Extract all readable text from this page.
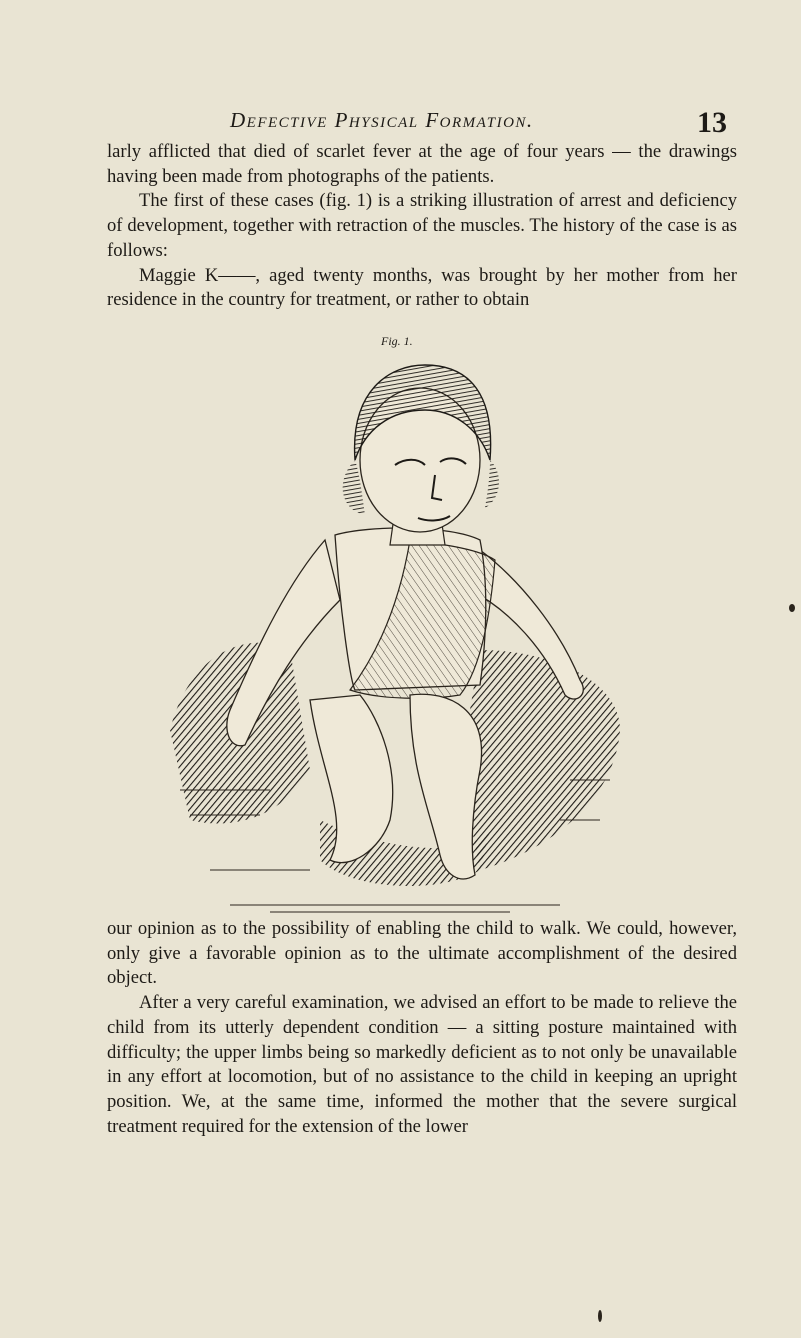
Defective Physical Formation.	13

larly afflicted that died of scarlet fever at the age of four years — the drawings having been made from photographs of the patients.

The first of these cases (fig. 1) is a striking illustration of arrest and deficiency of development, together with retraction of the muscles. The history of the case is as follows:

Maggie K——, aged twenty months, was brought by her mother from her residence in the country for treatment, or rather to obtain

Fig. 1.

our opinion as to the possibility of enabling the child to walk. We could, however, only give a favorable opinion as to the ultimate accomplishment of the desired object.

After a very careful examination, we advised an effort to be made to relieve the child from its utterly dependent condition — a sitting posture maintained with difficulty; the upper limbs being so markedly deficient as to not only be unavailable in any effort at locomotion, but of no assistance to the child in keeping an upright position. We, at the same time, informed the mother that the severe surgical treatment required for the extension of the lower
